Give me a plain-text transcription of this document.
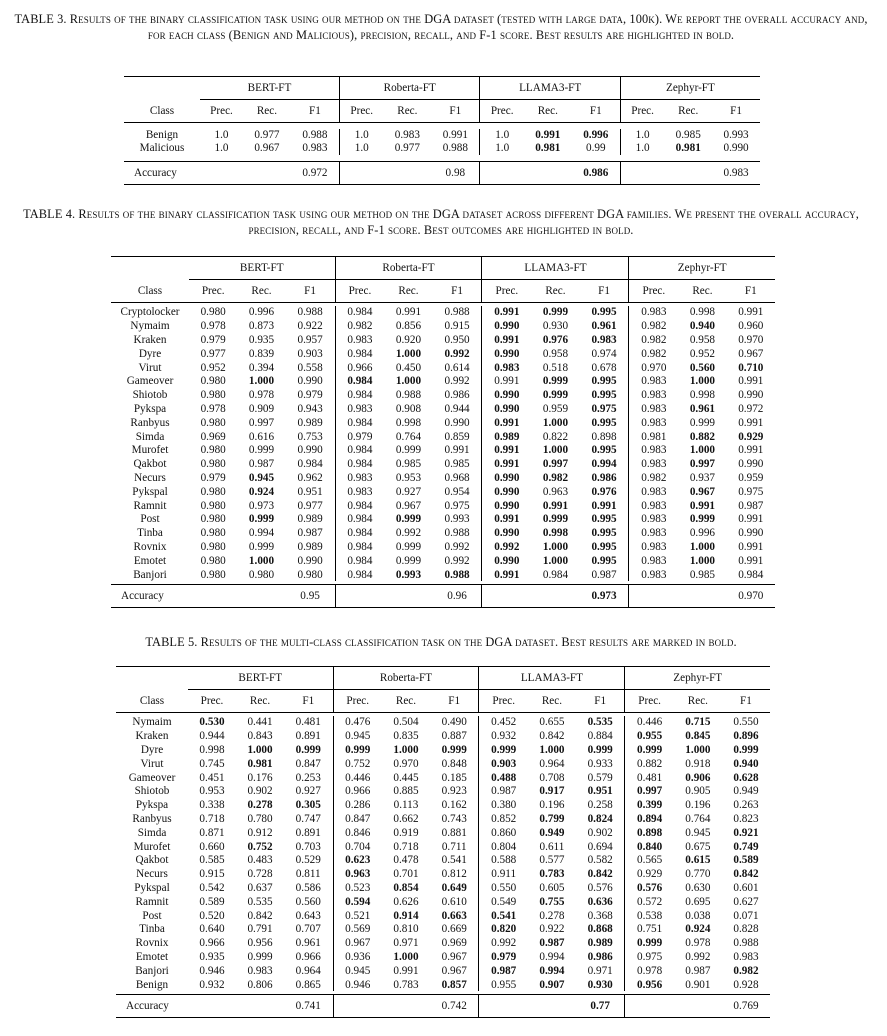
TABLE 3. Results of the binary classification task using our method on the DGA dataset (tested with large data, 100k). We report the overall accuracy and, for each class (Benign and Malicious), precision, recall, and F-1 score. Best results are highlighted in bold.

	BERT-FT			Roberta-FT			LLAMA3-FT			Zephyr-FT		
Class	Prec.	Rec.	F1	Prec.	Rec.	F1	Prec.	Rec.	F1	Prec.	Rec.	F1

Benign	1.0	0.977	0.988	1.0	0.983	0.991	1.0	0.991	0.996	1.0	0.985	0.993
Malicious	1.0	0.967	0.983	1.0	0.977	0.988	1.0	0.981	0.99	1.0	0.981	0.990

Accuracy			0.972			0.98			0.986			0.983

TABLE 4. Results of the binary classification task using our method on the DGA dataset across different DGA families. We present the overall accuracy, precision, recall, and F-1 score. Best outcomes are highlighted in bold.

	BERT-FT			Roberta-FT			LLAMA3-FT			Zephyr-FT		
Class	Prec.	Rec.	F1	Prec.	Rec.	F1	Prec.	Rec.	F1	Prec.	Rec.	F1

Cryptolocker	0.980	0.996	0.988	0.984	0.991	0.988	0.991	0.999	0.995	0.983	0.998	0.991
Nymaim	0.978	0.873	0.922	0.982	0.856	0.915	0.990	0.930	0.961	0.982	0.940	0.960
Kraken	0.979	0.935	0.957	0.983	0.920	0.950	0.991	0.976	0.983	0.982	0.958	0.970
Dyre	0.977	0.839	0.903	0.984	1.000	0.992	0.990	0.958	0.974	0.982	0.952	0.967
Virut	0.952	0.394	0.558	0.966	0.450	0.614	0.983	0.518	0.678	0.970	0.560	0.710
Gameover	0.980	1.000	0.990	0.984	1.000	0.992	0.991	0.999	0.995	0.983	1.000	0.991
Shiotob	0.980	0.978	0.979	0.984	0.988	0.986	0.990	0.999	0.995	0.983	0.998	0.990
Pykspa	0.978	0.909	0.943	0.983	0.908	0.944	0.990	0.959	0.975	0.983	0.961	0.972
Ranbyus	0.980	0.997	0.989	0.984	0.998	0.990	0.991	1.000	0.995	0.983	0.999	0.991
Simda	0.969	0.616	0.753	0.979	0.764	0.859	0.989	0.822	0.898	0.981	0.882	0.929
Murofet	0.980	0.999	0.990	0.984	0.999	0.991	0.991	1.000	0.995	0.983	1.000	0.991
Qakbot	0.980	0.987	0.984	0.984	0.985	0.985	0.991	0.997	0.994	0.983	0.997	0.990
Necurs	0.979	0.945	0.962	0.983	0.953	0.968	0.990	0.982	0.986	0.982	0.937	0.959
Pykspal	0.980	0.924	0.951	0.983	0.927	0.954	0.990	0.963	0.976	0.983	0.967	0.975
Ramnit	0.980	0.973	0.977	0.984	0.967	0.975	0.990	0.991	0.991	0.983	0.991	0.987
Post	0.980	0.999	0.989	0.984	0.999	0.993	0.991	0.999	0.995	0.983	0.999	0.991
Tinba	0.980	0.994	0.987	0.984	0.992	0.988	0.990	0.998	0.995	0.983	0.996	0.990
Rovnix	0.980	0.999	0.989	0.984	0.999	0.992	0.992	1.000	0.995	0.983	1.000	0.991
Emotet	0.980	1.000	0.990	0.984	0.999	0.992	0.990	1.000	0.995	0.983	1.000	0.991
Banjori	0.980	0.980	0.980	0.984	0.993	0.988	0.991	0.984	0.987	0.983	0.985	0.984

Accuracy			0.95			0.96			0.973			0.970

TABLE 5. Results of the multi-class classification task on the DGA dataset. Best results are marked in bold.

	BERT-FT			Roberta-FT			LLAMA3-FT			Zephyr-FT		
Class	Prec.	Rec.	F1	Prec.	Rec.	F1	Prec.	Rec.	F1	Prec.	Rec.	F1

Nymaim	0.530	0.441	0.481	0.476	0.504	0.490	0.452	0.655	0.535	0.446	0.715	0.550
Kraken	0.944	0.843	0.891	0.945	0.835	0.887	0.932	0.842	0.884	0.955	0.845	0.896
Dyre	0.998	1.000	0.999	0.999	1.000	0.999	0.999	1.000	0.999	0.999	1.000	0.999
Virut	0.745	0.981	0.847	0.752	0.970	0.848	0.903	0.964	0.933	0.882	0.918	0.940
Gameover	0.451	0.176	0.253	0.446	0.445	0.185	0.488	0.708	0.579	0.481	0.906	0.628
Shiotob	0.953	0.902	0.927	0.966	0.885	0.923	0.987	0.917	0.951	0.997	0.905	0.949
Pykspa	0.338	0.278	0.305	0.286	0.113	0.162	0.380	0.196	0.258	0.399	0.196	0.263
Ranbyus	0.718	0.780	0.747	0.847	0.662	0.743	0.852	0.799	0.824	0.894	0.764	0.823
Simda	0.871	0.912	0.891	0.846	0.919	0.881	0.860	0.949	0.902	0.898	0.945	0.921
Murofet	0.660	0.752	0.703	0.704	0.718	0.711	0.804	0.611	0.694	0.840	0.675	0.749
Qakbot	0.585	0.483	0.529	0.623	0.478	0.541	0.588	0.577	0.582	0.565	0.615	0.589
Necurs	0.915	0.728	0.811	0.963	0.701	0.812	0.911	0.783	0.842	0.929	0.770	0.842
Pykspal	0.542	0.637	0.586	0.523	0.854	0.649	0.550	0.605	0.576	0.576	0.630	0.601
Ramnit	0.589	0.535	0.560	0.594	0.626	0.610	0.549	0.755	0.636	0.572	0.695	0.627
Post	0.520	0.842	0.643	0.521	0.914	0.663	0.541	0.278	0.368	0.538	0.038	0.071
Tinba	0.640	0.791	0.707	0.569	0.810	0.669	0.820	0.922	0.868	0.751	0.924	0.828
Rovnix	0.966	0.956	0.961	0.967	0.971	0.969	0.992	0.987	0.989	0.999	0.978	0.988
Emotet	0.935	0.999	0.966	0.936	1.000	0.967	0.979	0.994	0.986	0.975	0.992	0.983
Banjori	0.946	0.983	0.964	0.945	0.991	0.967	0.987	0.994	0.971	0.978	0.987	0.982
Benign	0.932	0.806	0.865	0.946	0.783	0.857	0.955	0.907	0.930	0.956	0.901	0.928

Accuracy			0.741			0.742			0.77			0.769
